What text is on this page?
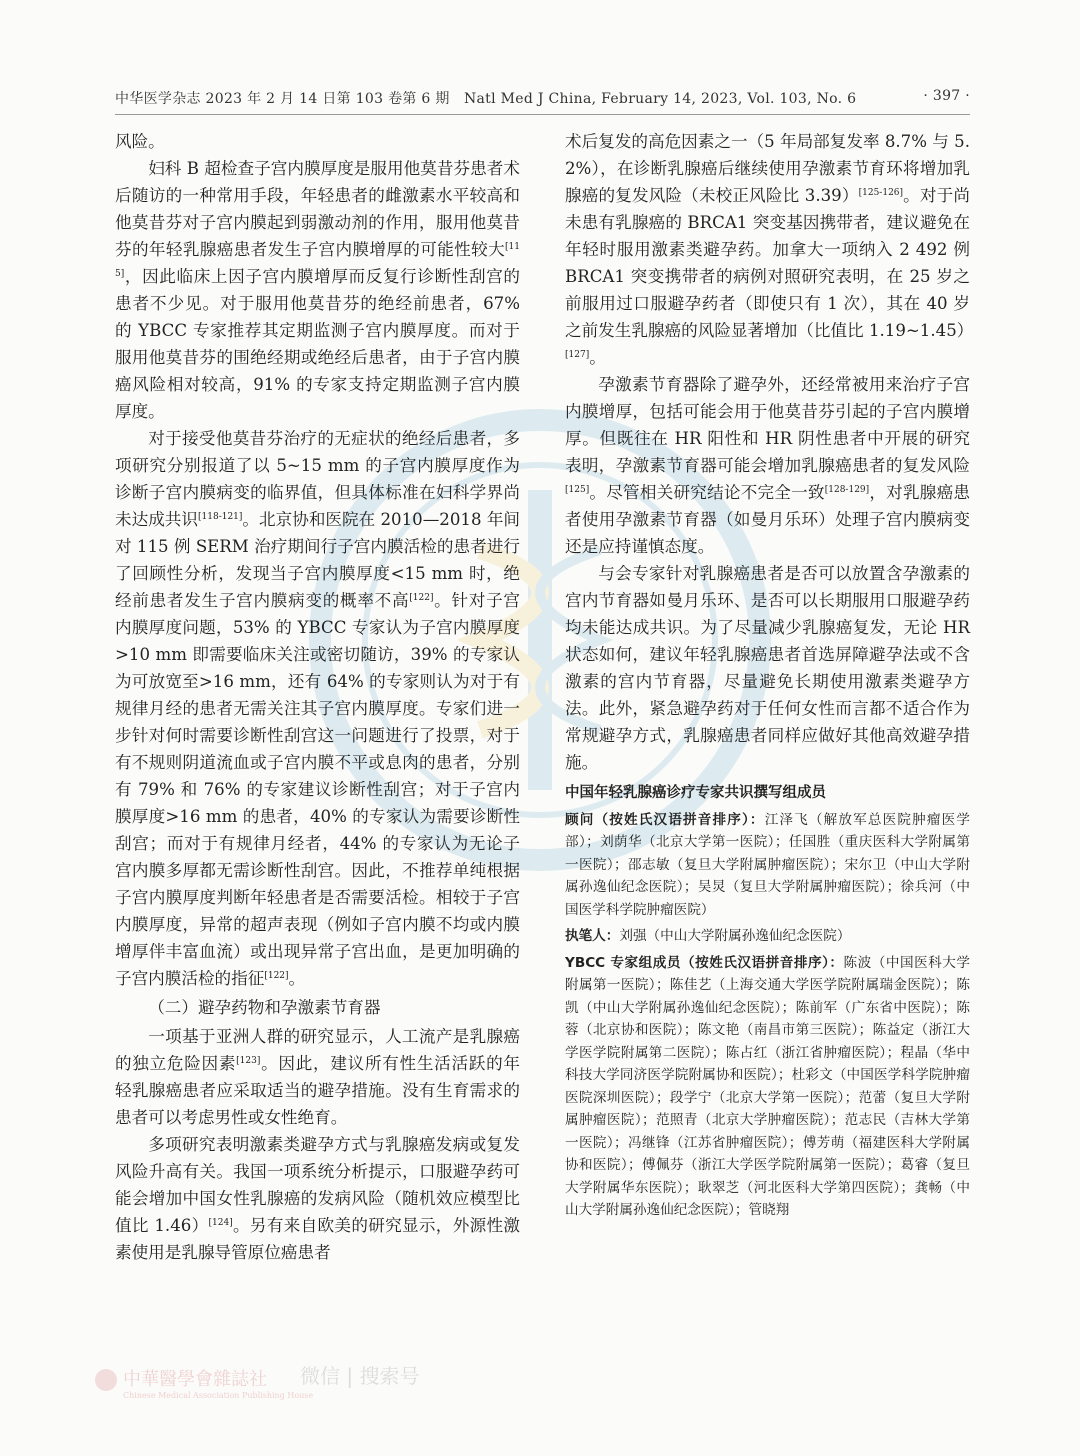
中华医学杂志 2023 年 2 月 14 日第 103 卷第 6 期　Natl Med J China, February 14, 2023, Vol. 103, No. 6	· 397 ·

风险。

妇科 B 超检查子宫内膜厚度是服用他莫昔芬患者术后随访的一种常用手段，年轻患者的雌激素水平较高和他莫昔芬对子宫内膜起到弱激动剂的作用，服用他莫昔芬的年轻乳腺癌患者发生子宫内膜增厚的可能性较大[115]，因此临床上因子宫内膜增厚而反复行诊断性刮宫的患者不少见。对于服用他莫昔芬的绝经前患者，67% 的 YBCC 专家推荐其定期监测子宫内膜厚度。而对于服用他莫昔芬的围绝经期或绝经后患者，由于子宫内膜癌风险相对较高，91% 的专家支持定期监测子宫内膜厚度。

对于接受他莫昔芬治疗的无症状的绝经后患者，多项研究分别报道了以 5~15 mm 的子宫内膜厚度作为诊断子宫内膜病变的临界值，但具体标准在妇科学界尚未达成共识[118-121]。北京协和医院在 2010—2018 年间对 115 例 SERM 治疗期间行子宫内膜活检的患者进行了回顾性分析，发现当子宫内膜厚度<15 mm 时，绝经前患者发生子宫内膜病变的概率不高[122]。针对子宫内膜厚度问题，53% 的 YBCC 专家认为子宫内膜厚度>10 mm 即需要临床关注或密切随访，39% 的专家认为可放宽至>16 mm，还有 64% 的专家则认为对于有规律月经的患者无需关注其子宫内膜厚度。专家们进一步针对何时需要诊断性刮宫这一问题进行了投票，对于有不规则阴道流血或子宫内膜不平或息肉的患者，分别有 79% 和 76% 的专家建议诊断性刮宫；对于子宫内膜厚度>16 mm 的患者，40% 的专家认为需要诊断性刮宫；而对于有规律月经者，44% 的专家认为无论子宫内膜多厚都无需诊断性刮宫。因此，不推荐单纯根据子宫内膜厚度判断年轻患者是否需要活检。相较于子宫内膜厚度，异常的超声表现（例如子宫内膜不均或内膜增厚伴丰富血流）或出现异常子宫出血，是更加明确的子宫内膜活检的指征[122]。

（二）避孕药物和孕激素节育器

一项基于亚洲人群的研究显示，人工流产是乳腺癌的独立危险因素[123]。因此，建议所有性生活活跃的年轻乳腺癌患者应采取适当的避孕措施。没有生育需求的患者可以考虑男性或女性绝育。

多项研究表明激素类避孕方式与乳腺癌发病或复发风险升高有关。我国一项系统分析提示，口服避孕药可能会增加中国女性乳腺癌的发病风险（随机效应模型比值比 1.46）[124]。另有来自欧美的研究显示，外源性激素使用是乳腺导管原位癌患者

术后复发的高危因素之一（5 年局部复发率 8.7% 与 5.2%），在诊断乳腺癌后继续使用孕激素节育环将增加乳腺癌的复发风险（未校正风险比 3.39）[125-126]。对于尚未患有乳腺癌的 BRCA1 突变基因携带者，建议避免在年轻时服用激素类避孕药。加拿大一项纳入 2 492 例 BRCA1 突变携带者的病例对照研究表明，在 25 岁之前服用过口服避孕药者（即使只有 1 次），其在 40 岁之前发生乳腺癌的风险显著增加（比值比 1.19~1.45）[127]。

孕激素节育器除了避孕外，还经常被用来治疗子宫内膜增厚，包括可能会用于他莫昔芬引起的子宫内膜增厚。但既往在 HR 阳性和 HR 阴性患者中开展的研究表明，孕激素节育器可能会增加乳腺癌患者的复发风险[125]。尽管相关研究结论不完全一致[128-129]，对乳腺癌患者使用孕激素节育器（如曼月乐环）处理子宫内膜病变还是应持谨慎态度。

与会专家针对乳腺癌患者是否可以放置含孕激素的宫内节育器如曼月乐环、是否可以长期服用口服避孕药均未能达成共识。为了尽量减少乳腺癌复发，无论 HR 状态如何，建议年轻乳腺癌患者首选屏障避孕法或不含激素的宫内节育器，尽量避免长期使用激素类避孕方法。此外，紧急避孕药对于任何女性而言都不适合作为常规避孕方式，乳腺癌患者同样应做好其他高效避孕措施。

中国年轻乳腺癌诊疗专家共识撰写组成员

顾问（按姓氏汉语拼音排序）：江泽飞（解放军总医院肿瘤医学部）；刘荫华（北京大学第一医院）；任国胜（重庆医科大学附属第一医院）；邵志敏（复旦大学附属肿瘤医院）；宋尔卫（中山大学附属孙逸仙纪念医院）；吴炅（复旦大学附属肿瘤医院）；徐兵河（中国医学科学院肿瘤医院）

执笔人：刘强（中山大学附属孙逸仙纪念医院）

YBCC 专家组成员（按姓氏汉语拼音排序）：陈波（中国医科大学附属第一医院）；陈佳艺（上海交通大学医学院附属瑞金医院）；陈凯（中山大学附属孙逸仙纪念医院）；陈前军（广东省中医院）；陈蓉（北京协和医院）；陈文艳（南昌市第三医院）；陈益定（浙江大学医学院附属第二医院）；陈占红（浙江省肿瘤医院）；程晶（华中科技大学同济医学院附属协和医院）；杜彩文（中国医学科学院肿瘤医院深圳医院）；段学宁（北京大学第一医院）；范蕾（复旦大学附属肿瘤医院）；范照青（北京大学肿瘤医院）；范志民（吉林大学第一医院）；冯继锋（江苏省肿瘤医院）；傅芳萌（福建医科大学附属协和医院）；傅佩芬（浙江大学医学院附属第一医院）；葛睿（复旦大学附属华东医院）；耿翠芝（河北医科大学第四医院）；龚畅（中山大学附属孙逸仙纪念医院）；管晓翔

中華醫學會雜誌社
Chinese Medical Association Publishing House
微信 | 搜索号
